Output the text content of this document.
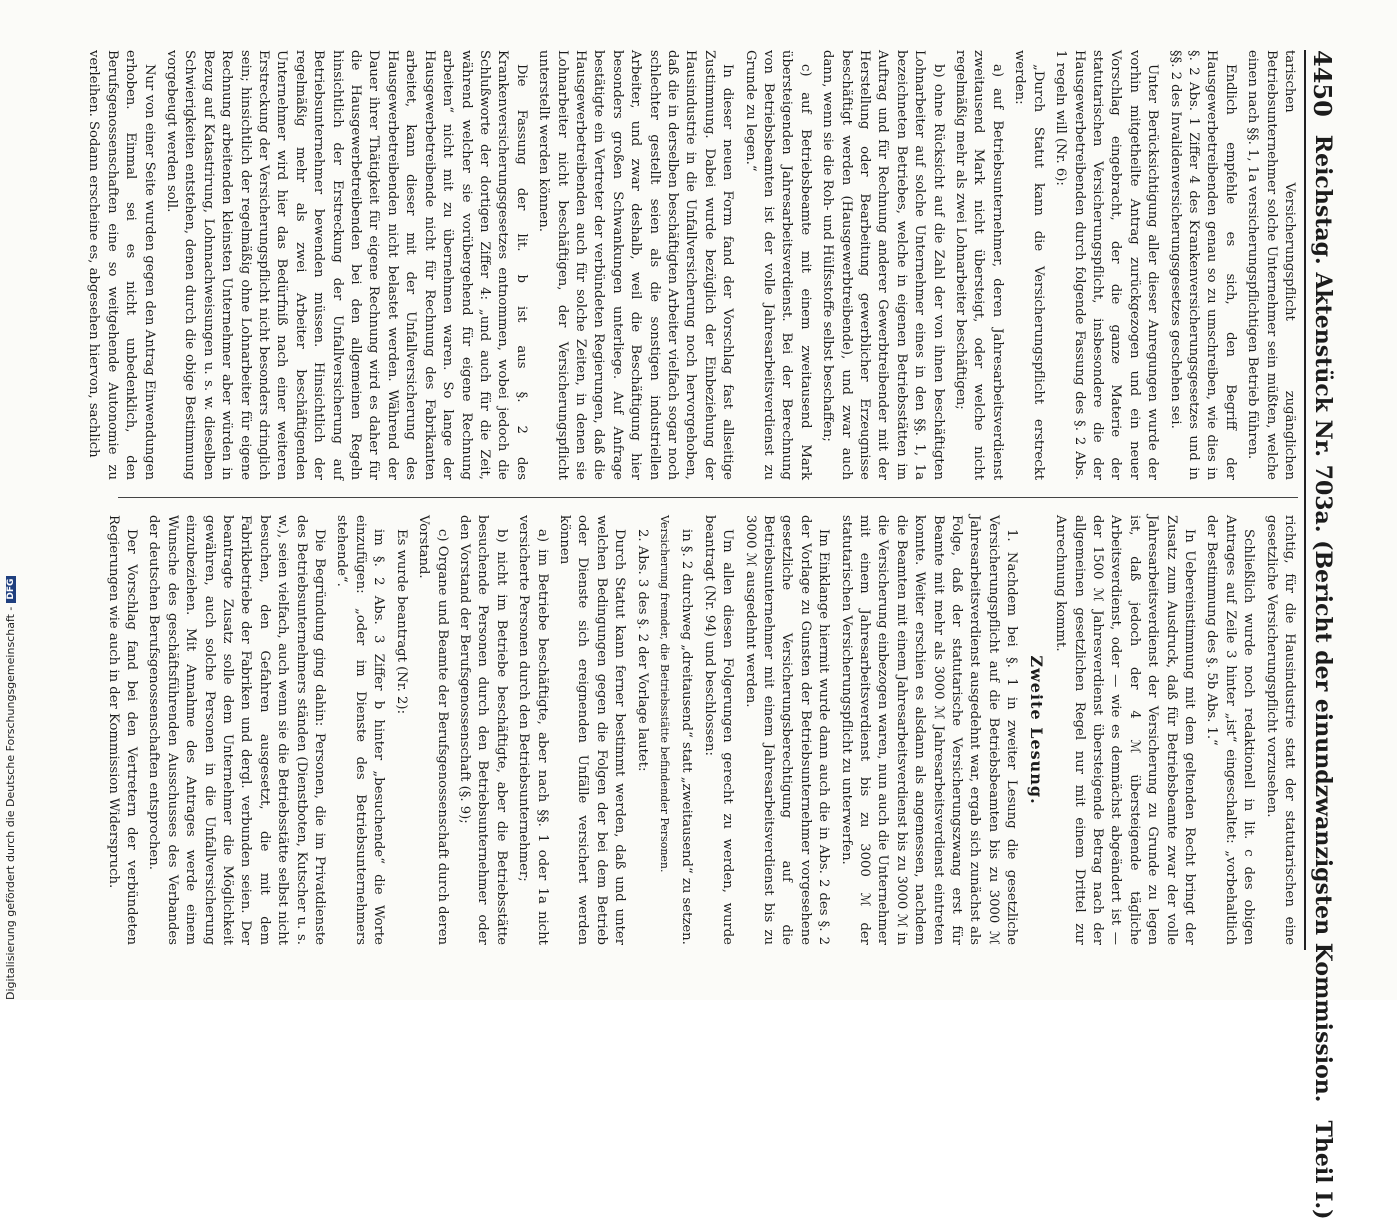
4450
Reichstag. Aktenstück Nr. 703a. (Bericht der einundzwanzigsten Kommission.
Theil I.)

tarischen Versicherungspflicht zugänglichen Betriebsunternehmer solche Unternehmer sein müßten, welche einen nach §§. 1, 1a versicherungspflichtigen Betrieb führen.

Endlich empfehle es sich, den Begriff der Hausgewerbetreibenden genau so zu umschreiben, wie dies in §. 2 Abs. 1 Ziffer 4 des Krankenversicherungsgesetzes und in §§. 2 des Invalidenversicherungsgesetzes geschehen sei.

Unter Berücksichtigung aller dieser Anregungen wurde der vorhin mitgetheilte Antrag zurückgezogen und ein neuer Vorschlag eingebracht, der die ganze Materie der statutarischen Versicherungspflicht, insbesondere die der Hausgewerbetreibenden durch folgende Fassung des §. 2 Abs. 1 regeln will (Nr. 6):

„Durch Statut kann die Versicherungspflicht erstreckt werden:

a) auf Betriebsunternehmer, deren Jahresarbeitsverdienst zweitausend Mark nicht übersteigt, oder welche nicht regelmäßig mehr als zwei Lohnarbeiter beschäftigen;

b) ohne Rücksicht auf die Zahl der von ihnen beschäftigten Lohnarbeiter auf solche Unternehmer eines in den §§. 1, 1a bezeichneten Betriebes, welche in eigenen Betriebsstätten im Auftrag und für Rechnung anderer Gewerbtreibender mit der Herstellung oder Bearbeitung gewerblicher Erzeugnisse beschäftigt werden (Hausgewerbtreibende), und zwar auch dann, wenn sie die Roh- und Hülfsstoffe selbst beschaffen;

c) auf Betriebsbeamte mit einem zweitausend Mark übersteigenden Jahresarbeitsverdienst. Bei der Berechnung von Betriebsbeamten ist der volle Jahresarbeitsverdienst zu Grunde zu legen.“

In dieser neuen Form fand der Vorschlag fast allseitige Zustimmung. Dabei wurde bezüglich der Einbeziehung der Hausindustrie in die Unfallversicherung noch hervorgehoben, daß die in derselben beschäftigten Arbeiter vielfach sogar noch schlechter gestellt seien als die sonstigen industriellen Arbeiter, und zwar deshalb, weil die Beschäftigung hier besonders großen Schwankungen unterliege. Auf Anfrage bestätigte ein Vertreter der verbündeten Regierungen, daß die Hausgewerbetreibenden auch für solche Zeiten, in denen sie Lohnarbeiter nicht beschäftigen, der Versicherungspflicht unterstellt werden können.

Die Fassung der lit. b ist aus §. 2 des Krankenversicherungsgesetzes entnommen, wobei jedoch die Schlußworte der dortigen Ziffer 4: „und auch für die Zeit, während welcher sie vorübergehend für eigene Rechnung arbeiten“ nicht mit zu übernehmen waren. So lange der Hausgewerbetreibende nicht für Rechnung des Fabrikanten arbeitet, kann dieser mit der Unfallversicherung des Hausgewerbetreibenden nicht belastet werden. Während der Dauer ihrer Thätigkeit für eigene Rechnung wird es daher für die Hausgewerbetreibenden bei den allgemeinen Regeln hinsichtlich der Erstreckung der Unfallversicherung auf Betriebsunternehmer bewenden müssen. Hinsichtlich der regelmäßig mehr als zwei Arbeiter beschäftigenden Unternehmer wird hier das Bedürfniß nach einer weiteren Erstreckung der Versicherungspflicht nicht besonders dringlich sein; hinsichtlich der regelmäßig ohne Lohnarbeiter für eigene Rechnung arbeitenden kleinsten Unternehmer aber würden in Bezug auf Katastrirung, Lohnnachweisungen u. s. w. dieselben Schwierigkeiten entstehen, denen durch die obige Bestimmung vorgebeugt werden soll.

Nur von einer Seite wurden gegen den Antrag Einwendungen erhoben. Einmal sei es nicht unbedenklich, den Berufsgenossenschaften eine so weitgehende Autonomie zu verleihen. Sodann erscheine es, abgesehen hiervon, sachlich

richtig, für die Hausindustrie statt der statutarischen eine gesetzliche Versicherungspflicht vorzusehen.

Schließlich wurde noch redaktionell in lit. c des obigen Antrages auf Zeile 3 hinter „ist“ eingeschaltet: „vorbehaltlich der Bestimmung des §. 5b Abs. 1.“

In Uebereinstimmung mit dem geltenden Recht bringt der Zusatz zum Ausdruck, daß für Betriebsbeamte zwar der volle Jahresarbeitsverdienst der Versicherung zu Grunde zu legen ist, daß jedoch der 4 ℳ übersteigende tägliche Arbeitsverdienst, oder — wie es demnächst abgeändert ist — der 1500 ℳ Jahresverdienst übersteigende Betrag nach der allgemeinen gesetzlichen Regel nur mit einem Drittel zur Anrechnung kommt.

Zweite Lesung.

1. Nachdem bei §. 1 in zweiter Lesung die gesetzliche Versicherungspflicht auf die Betriebsbeamten bis zu 3000 ℳ Jahresarbeitsverdienst ausgedehnt war, ergab sich zunächst als Folge, daß der statutarische Versicherungszwang erst für Beamte mit mehr als 3000 ℳ Jahresarbeitsverdienst eintreten konnte. Weiter erschien es alsdann als angemessen, nachdem die Beamten mit einem Jahresarbeitsverdienst bis zu 3000 ℳ in die Versicherung einbezogen waren, nun auch die Unternehmer mit einem Jahresarbeitsverdienst bis zu 3000 ℳ der statutarischen Versicherungspflicht zu unterwerfen.

Im Einklange hiermit wurde dann auch die in Abs. 2 des §. 2 der Vorlage zu Gunsten der Betriebsunternehmer vorgesehene gesetzliche Versicherungsberechtigung auf die Betriebsunternehmer mit einem Jahresarbeitsverdienst bis zu 3000 ℳ ausgedehnt werden.

Um allen diesen Folgerungen gerecht zu werden, wurde beantragt (Nr. 94) und beschlossen:

in §. 2 durchweg „dreitausend“ statt „zweitausend“ zu setzen.

Versicherung fremder, die Betriebsstätte befindender Personen.

2. Abs. 3 des §. 2 der Vorlage lautet:

Durch Statut kann ferner bestimmt werden, daß und unter welchen Bedingungen gegen die Folgen der bei dem Betrieb oder Dienste sich ereignenden Unfälle versichert werden können

a) im Betriebe beschäftigte, aber nach §§. 1 oder 1a nicht versicherte Personen durch den Betriebsunternehmer;

b) nicht im Betriebe beschäftigte, aber die Betriebsstätte besuchende Personen durch den Betriebsunternehmer oder den Vorstand der Berufsgenossenschaft (§. 9);

c) Organe und Beamte der Berufsgenossenschaft durch deren Vorstand.

Es wurde beantragt (Nr. 2):

im §. 2 Abs. 3 Ziffer b hinter „besuchende“ die Worte einzufügen: „oder im Dienste des Betriebsunternehmers stehende“.

Die Begründung ging dahin: Personen, die im Privatdienste des Betriebsunternehmers ständen (Dienstboten, Kutscher u. s. w.), seien vielfach, auch wenn sie die Betriebsstätte selbst nicht besuchen, den Gefahren ausgesetzt, die mit dem Fabrikbetriebe der Fabriken und dergl. verbunden seien. Der beantragte Zusatz solle dem Unternehmer die Möglichkeit gewähren, auch solche Personen in die Unfallversicherung einzubeziehen. Mit Annahme des Antrages werde einem Wunsche des geschäftsführenden Ausschusses des Verbandes der deutschen Berufsgenossenschaften entsprochen.

Der Vorschlag fand bei den Vertretern der verbündeten Regierungen wie auch in der Kommission Widerspruch.

Digitalisierung gefördert durch die Deutsche Forschungsgemeinschaft -
DFG
